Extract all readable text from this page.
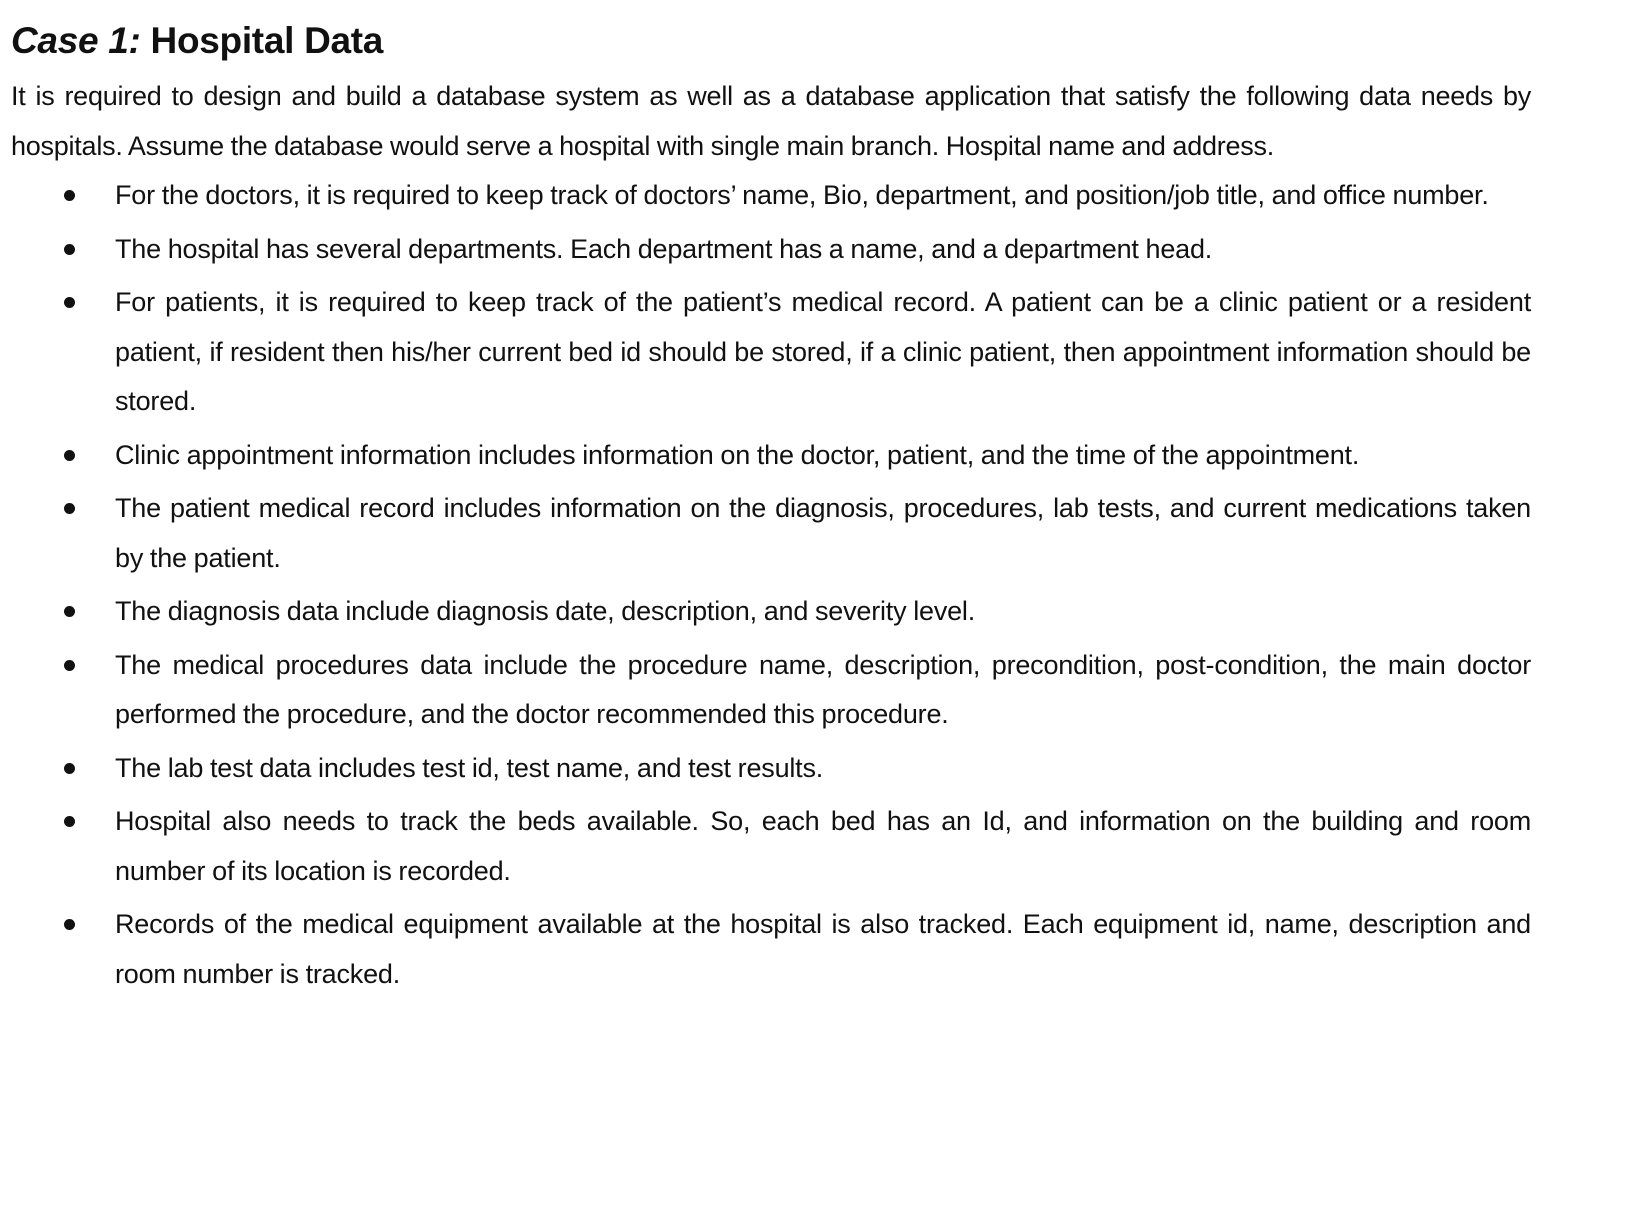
Case 1: Hospital Data

It is required to design and build a database system as well as a database application that satisfy the following data needs by hospitals. Assume the database would serve a hospital with single main branch. Hospital name and address.

For the doctors, it is required to keep track of doctors’ name, Bio, department, and position/job title, and office number.
The hospital has several departments. Each department has a name, and a department head.
For patients, it is required to keep track of the patient’s medical record. A patient can be a clinic patient or a resident patient, if resident then his/her current bed id should be stored, if a clinic patient, then appointment information should be stored.
Clinic appointment information includes information on the doctor, patient, and the time of the appointment.
The patient medical record includes information on the diagnosis, procedures, lab tests, and current medications taken by the patient.
The diagnosis data include diagnosis date, description, and severity level.
The medical procedures data include the procedure name, description, precondition, post-condition, the main doctor performed the procedure, and the doctor recommended this procedure.
The lab test data includes test id, test name, and test results.
Hospital also needs to track the beds available. So, each bed has an Id, and information on the building and room number of its location is recorded.
Records of the medical equipment available at the hospital is also tracked. Each equipment id, name, description and room number is tracked.
